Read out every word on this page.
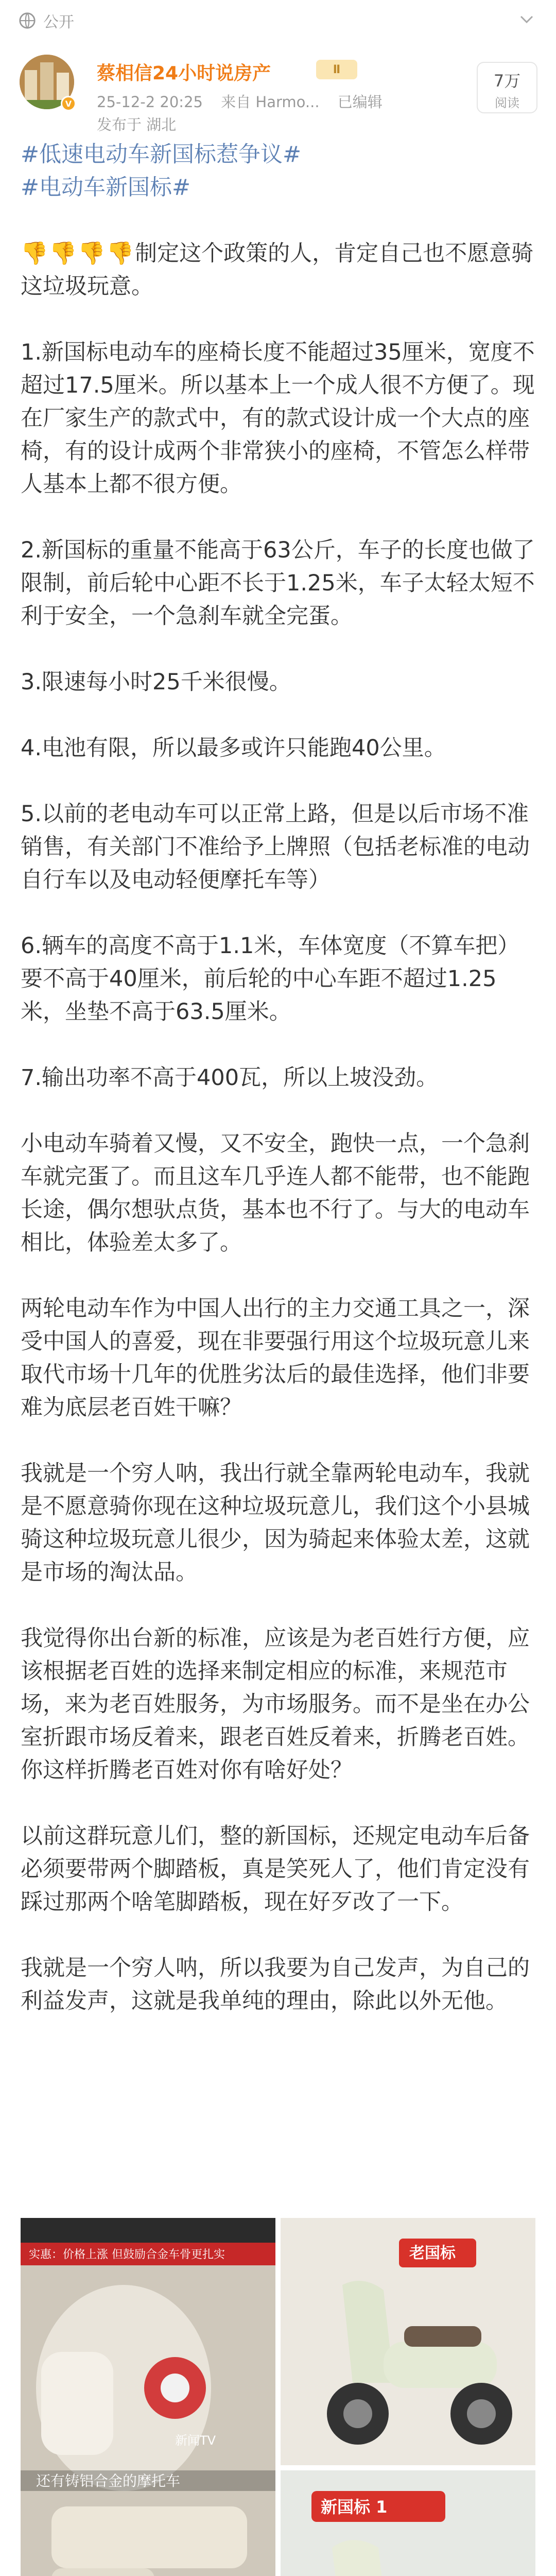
公开
V
蔡相信24小时说房产	Ⅱ
25-12-2 20:25 来自 Harmo... 已编辑
发布于 湖北
7万
阅读

#低速电动车新国标惹争议#
#电动车新国标#

👎👎👎👎制定这个政策的人，肯定自己也不愿意骑这垃圾玩意。

1.新国标电动车的座椅长度不能超过35厘米，宽度不超过17.5厘米。所以基本上一个成人很不方便了。现在厂家生产的款式中，有的款式设计成一个大点的座椅，有的设计成两个非常狭小的座椅，不管怎么样带人基本上都不很方便。

2.新国标的重量不能高于63公斤，车子的长度也做了限制，前后轮中心距不长于1.25米，车子太轻太短不利于安全，一个急刹车就全完蛋。

3.限速每小时25千米很慢。

4.电池有限，所以最多或许只能跑40公里。

5.以前的老电动车可以正常上路，但是以后市场不准销售，有关部门不准给予上牌照（包括老标准的电动自行车以及电动轻便摩托车等）

6.辆车的高度不高于1.1米，车体宽度（不算车把）要不高于40厘米，前后轮的中心车距不超过1.25米，坐垫不高于63.5厘米。

7.输出功率不高于400瓦，所以上坡没劲。

小电动车骑着又慢，又不安全，跑快一点，一个急刹车就完蛋了。而且这车几乎连人都不能带，也不能跑长途，偶尔想驮点货，基本也不行了。与大的电动车相比，体验差太多了。

两轮电动车作为中国人出行的主力交通工具之一，深受中国人的喜爱，现在非要强行用这个垃圾玩意儿来取代市场十几年的优胜劣汰后的最佳选择，他们非要难为底层老百姓干嘛？

我就是一个穷人呐，我出行就全靠两轮电动车，我就是不愿意骑你现在这种垃圾玩意儿，我们这个小县城骑这种垃圾玩意儿很少，因为骑起来体验太差，这就是市场的淘汰品。

我觉得你出台新的标准，应该是为老百姓行方便，应该根据老百姓的选择来制定相应的标准，来规范市场，来为老百姓服务，为市场服务。而不是坐在办公室折跟市场反着来，跟老百姓反着来，折腾老百姓。你这样折腾老百姓对你有啥好处？

以前这群玩意儿们，整的新国标，还规定电动车后备必须要带两个脚踏板，真是笑死人了，他们肯定没有踩过那两个啥笔脚踏板，现在好歹改了一下。

我就是一个穷人呐，所以我要为自己发声，为自己的利益发声，这就是我单纯的理由，除此以外无他。

实惠：价格上涨 但鼓励合金车骨更扎实
新闻TV
还有铸铝合金的摩托车
老国标
新国标 1
